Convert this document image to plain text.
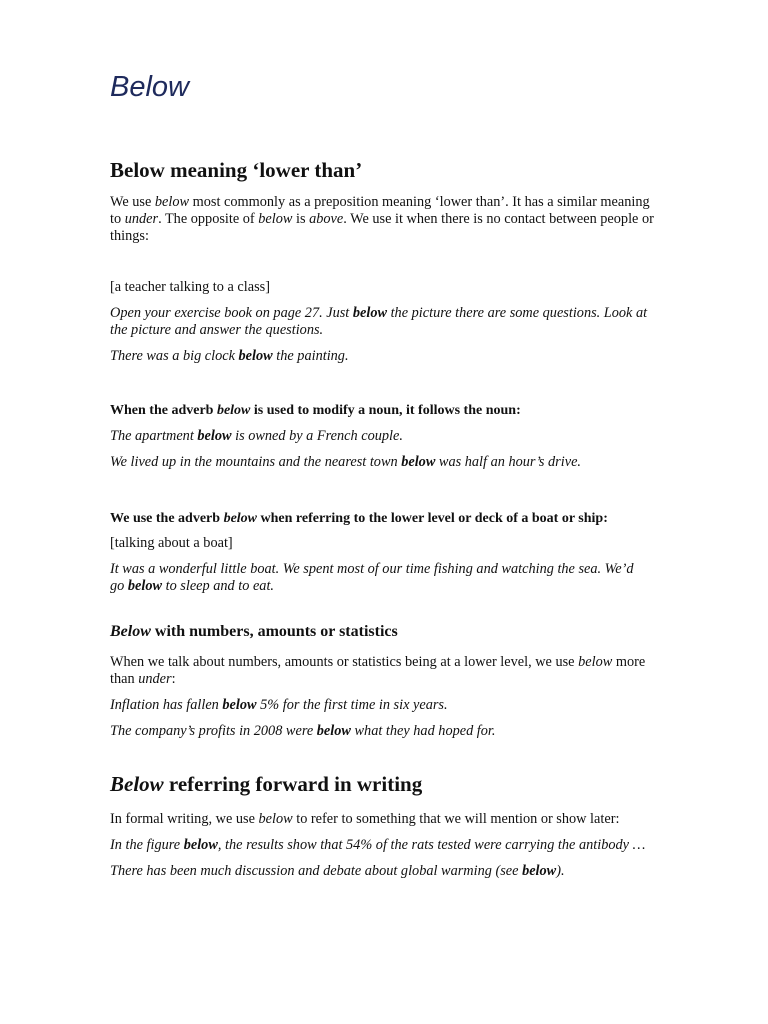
Below
Below meaning ‘lower than’
We use below most commonly as a preposition meaning ‘lower than’. It has a similar meaning
to under. The opposite of below is above. We use it when there is no contact between people or
things:
[a teacher talking to a class]
Open your exercise book on page 27. Just below the picture there are some questions. Look at
the picture and answer the questions.
There was a big clock below the painting.
When the adverb below is used to modify a noun, it follows the noun:
The apartment below is owned by a French couple.
We lived up in the mountains and the nearest town below was half an hour’s drive.
We use the adverb below when referring to the lower level or deck of a boat or ship:
[talking about a boat]
It was a wonderful little boat. We spent most of our time fishing and watching the sea. We’d
go below to sleep and to eat.
Below with numbers, amounts or statistics
When we talk about numbers, amounts or statistics being at a lower level, we use below more
than under:
Inflation has fallen below 5% for the first time in six years.
The company’s profits in 2008 were below what they had hoped for.
Below referring forward in writing
In formal writing, we use below to refer to something that we will mention or show later:
In the figure below, the results show that 54% of the rats tested were carrying the antibody …
There has been much discussion and debate about global warming (see below).
